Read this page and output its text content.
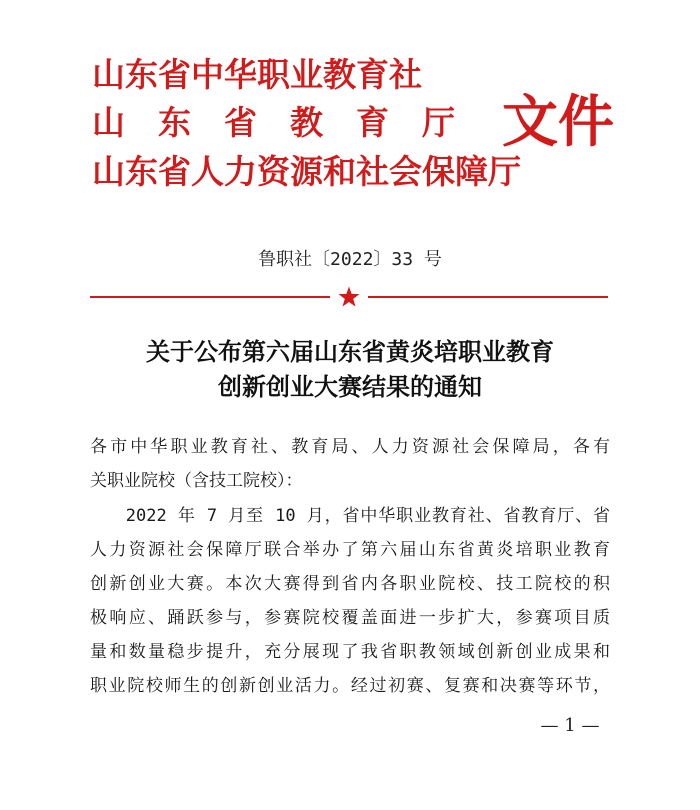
山东省中华职业教育社
山东省教育厅
山东省人力资源和社会保障厅
文件
鲁职社〔2022〕33 号
关于公布第六届山东省黄炎培职业教育
创新创业大赛结果的通知
各市中华职业教育社、教育局、人力资源社会保障局，各有
关职业院校（含技工院校）：
　　2022 年 7 月至 10 月，省中华职业教育社、省教育厅、省
人力资源社会保障厅联合举办了第六届山东省黄炎培职业教育
创新创业大赛。本次大赛得到省内各职业院校、技工院校的积
极响应、踊跃参与，参赛院校覆盖面进一步扩大，参赛项目质
量和数量稳步提升，充分展现了我省职教领域创新创业成果和
职业院校师生的创新创业活力。经过初赛、复赛和决赛等环节，
— 1 —
